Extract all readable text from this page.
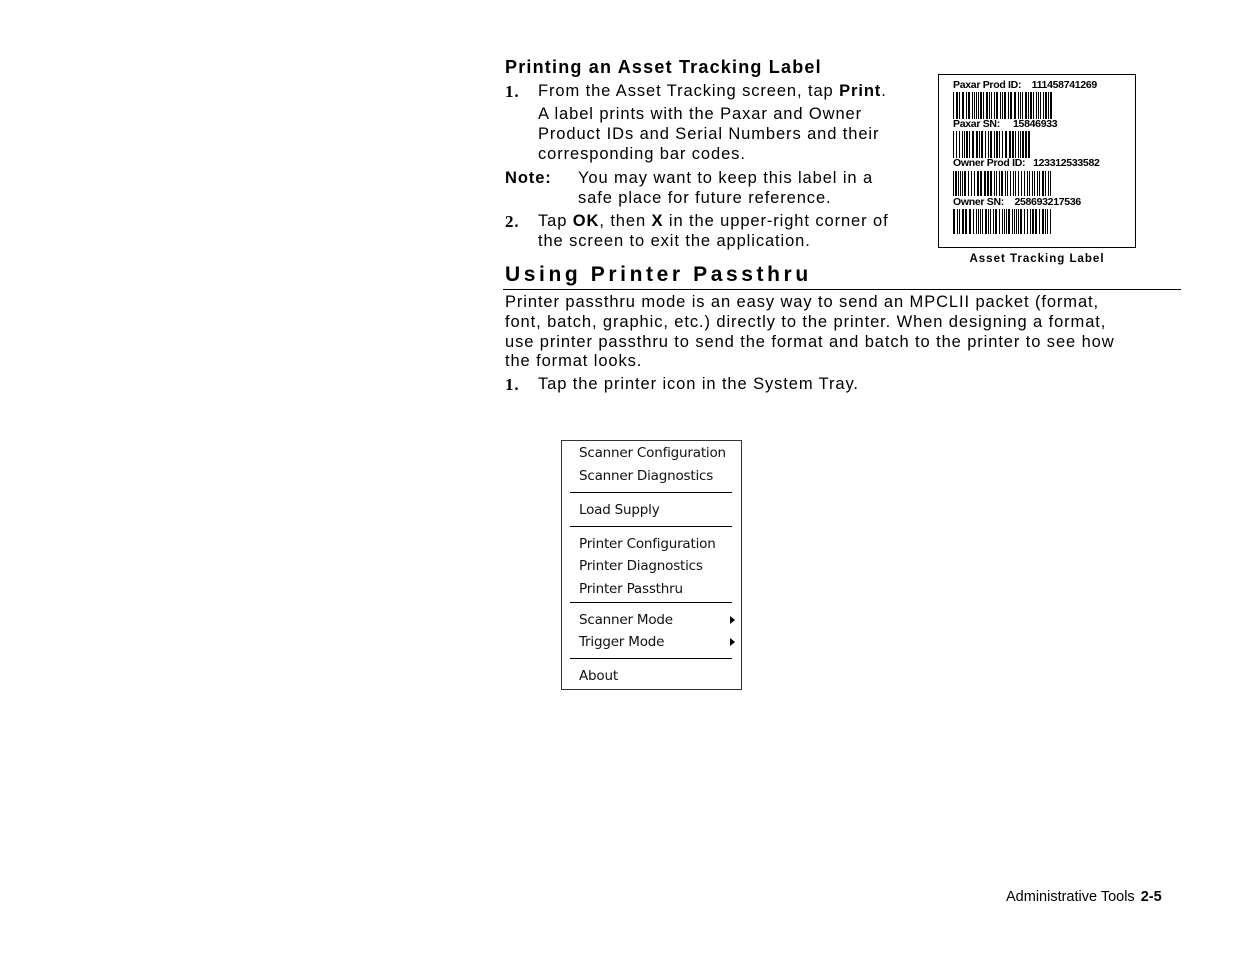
Printing an Asset Tracking Label
1. From the Asset Tracking screen, tap Print.
A label prints with the Paxar and Owner
Product IDs and Serial Numbers and their
corresponding bar codes.
Note: You may want to keep this label in a
safe place for future reference.
2. Tap OK, then X in the upper-right corner of
the screen to exit the application.
Paxar Prod ID:    111458741269
Paxar SN:     15846933
Owner Prod ID:   123312533582
Owner SN:    258693217536
Asset Tracking Label
Using Printer Passthru
Printer passthru mode is an easy way to send an MPCLII packet (format,
font, batch, graphic, etc.) directly to the printer. When designing a format,
use printer passthru to send the format and batch to the printer to see how
the format looks.
1. Tap the printer icon in the System Tray.
Scanner Configuration
Scanner Diagnostics
Load Supply
Printer Configuration
Printer Diagnostics
Printer Passthru
Scanner Mode
Trigger Mode
About
Administrative Tools 2-5
